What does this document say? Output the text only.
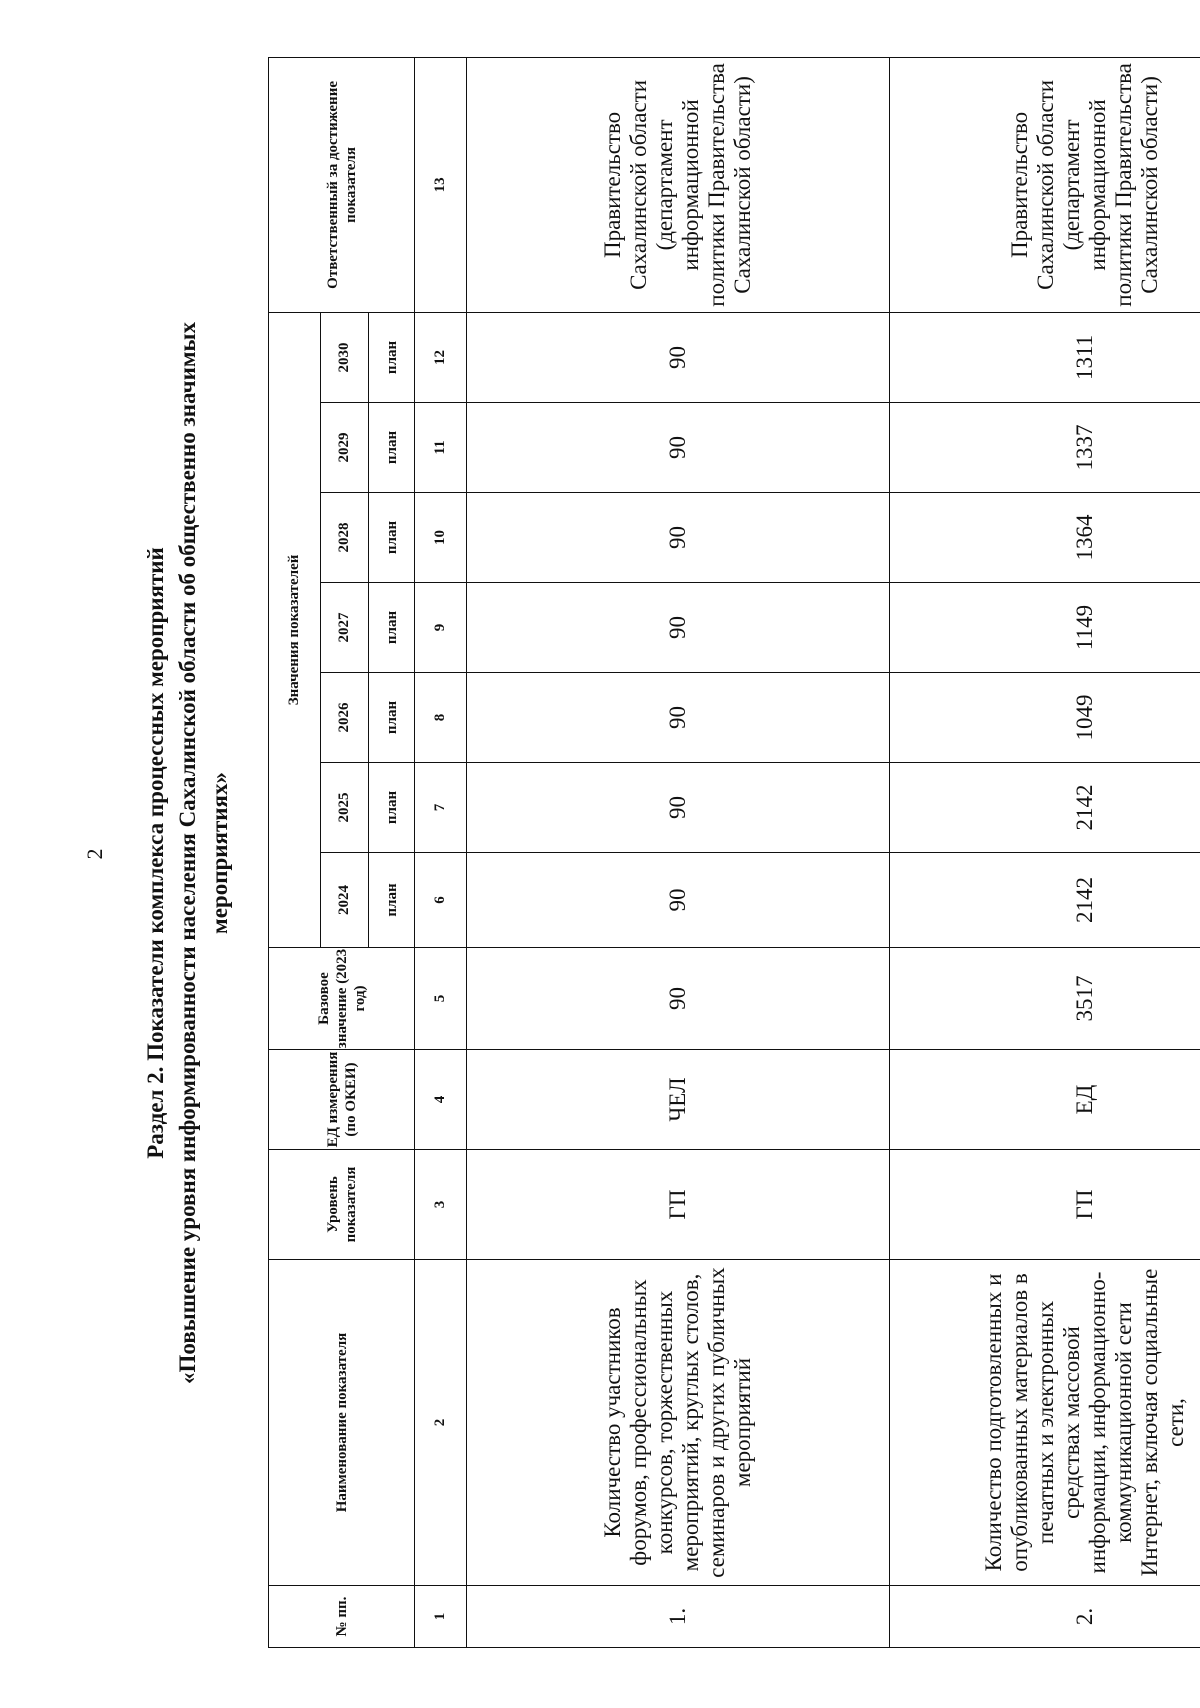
2 Раздел 2. Показатели комплекса процессных мероприятий «Повышение уровня информированности населения Сахалинской области об общественно значимых мероприятиях»
№ пп.	Наименование показателя	Уровень показателя	ЕД измерения (по ОКЕИ)	Базовое значение (2023 год)	Значения показателей							Ответственный за достижение показателя
					2024	2025	2026	2027	2028	2029	2030	
					план	план	план	план	план	план	план	
1	2	3	4	5	6	7	8	9	10	11	12	13
1.	Количество участников форумов, профессиональных конкурсов, торжественных мероприятий, круглых столов, семинаров и других публичных мероприятий	ГП	ЧЕЛ	90	90	90	90	90	90	90	90	Правительство Сахалинской области (департамент информационной политики Правительства Сахалинской области)
2.	Количество подготовленных и опубликованных материалов в печатных и электронных средствах массовой информации, информационно-коммуникационной сети Интернет, включая социальные сети,	ГП	ЕД	3517	2142	2142	1049	1149	1364	1337	1311	Правительство Сахалинской области (департамент информационной политики Правительства Сахалинской области)
